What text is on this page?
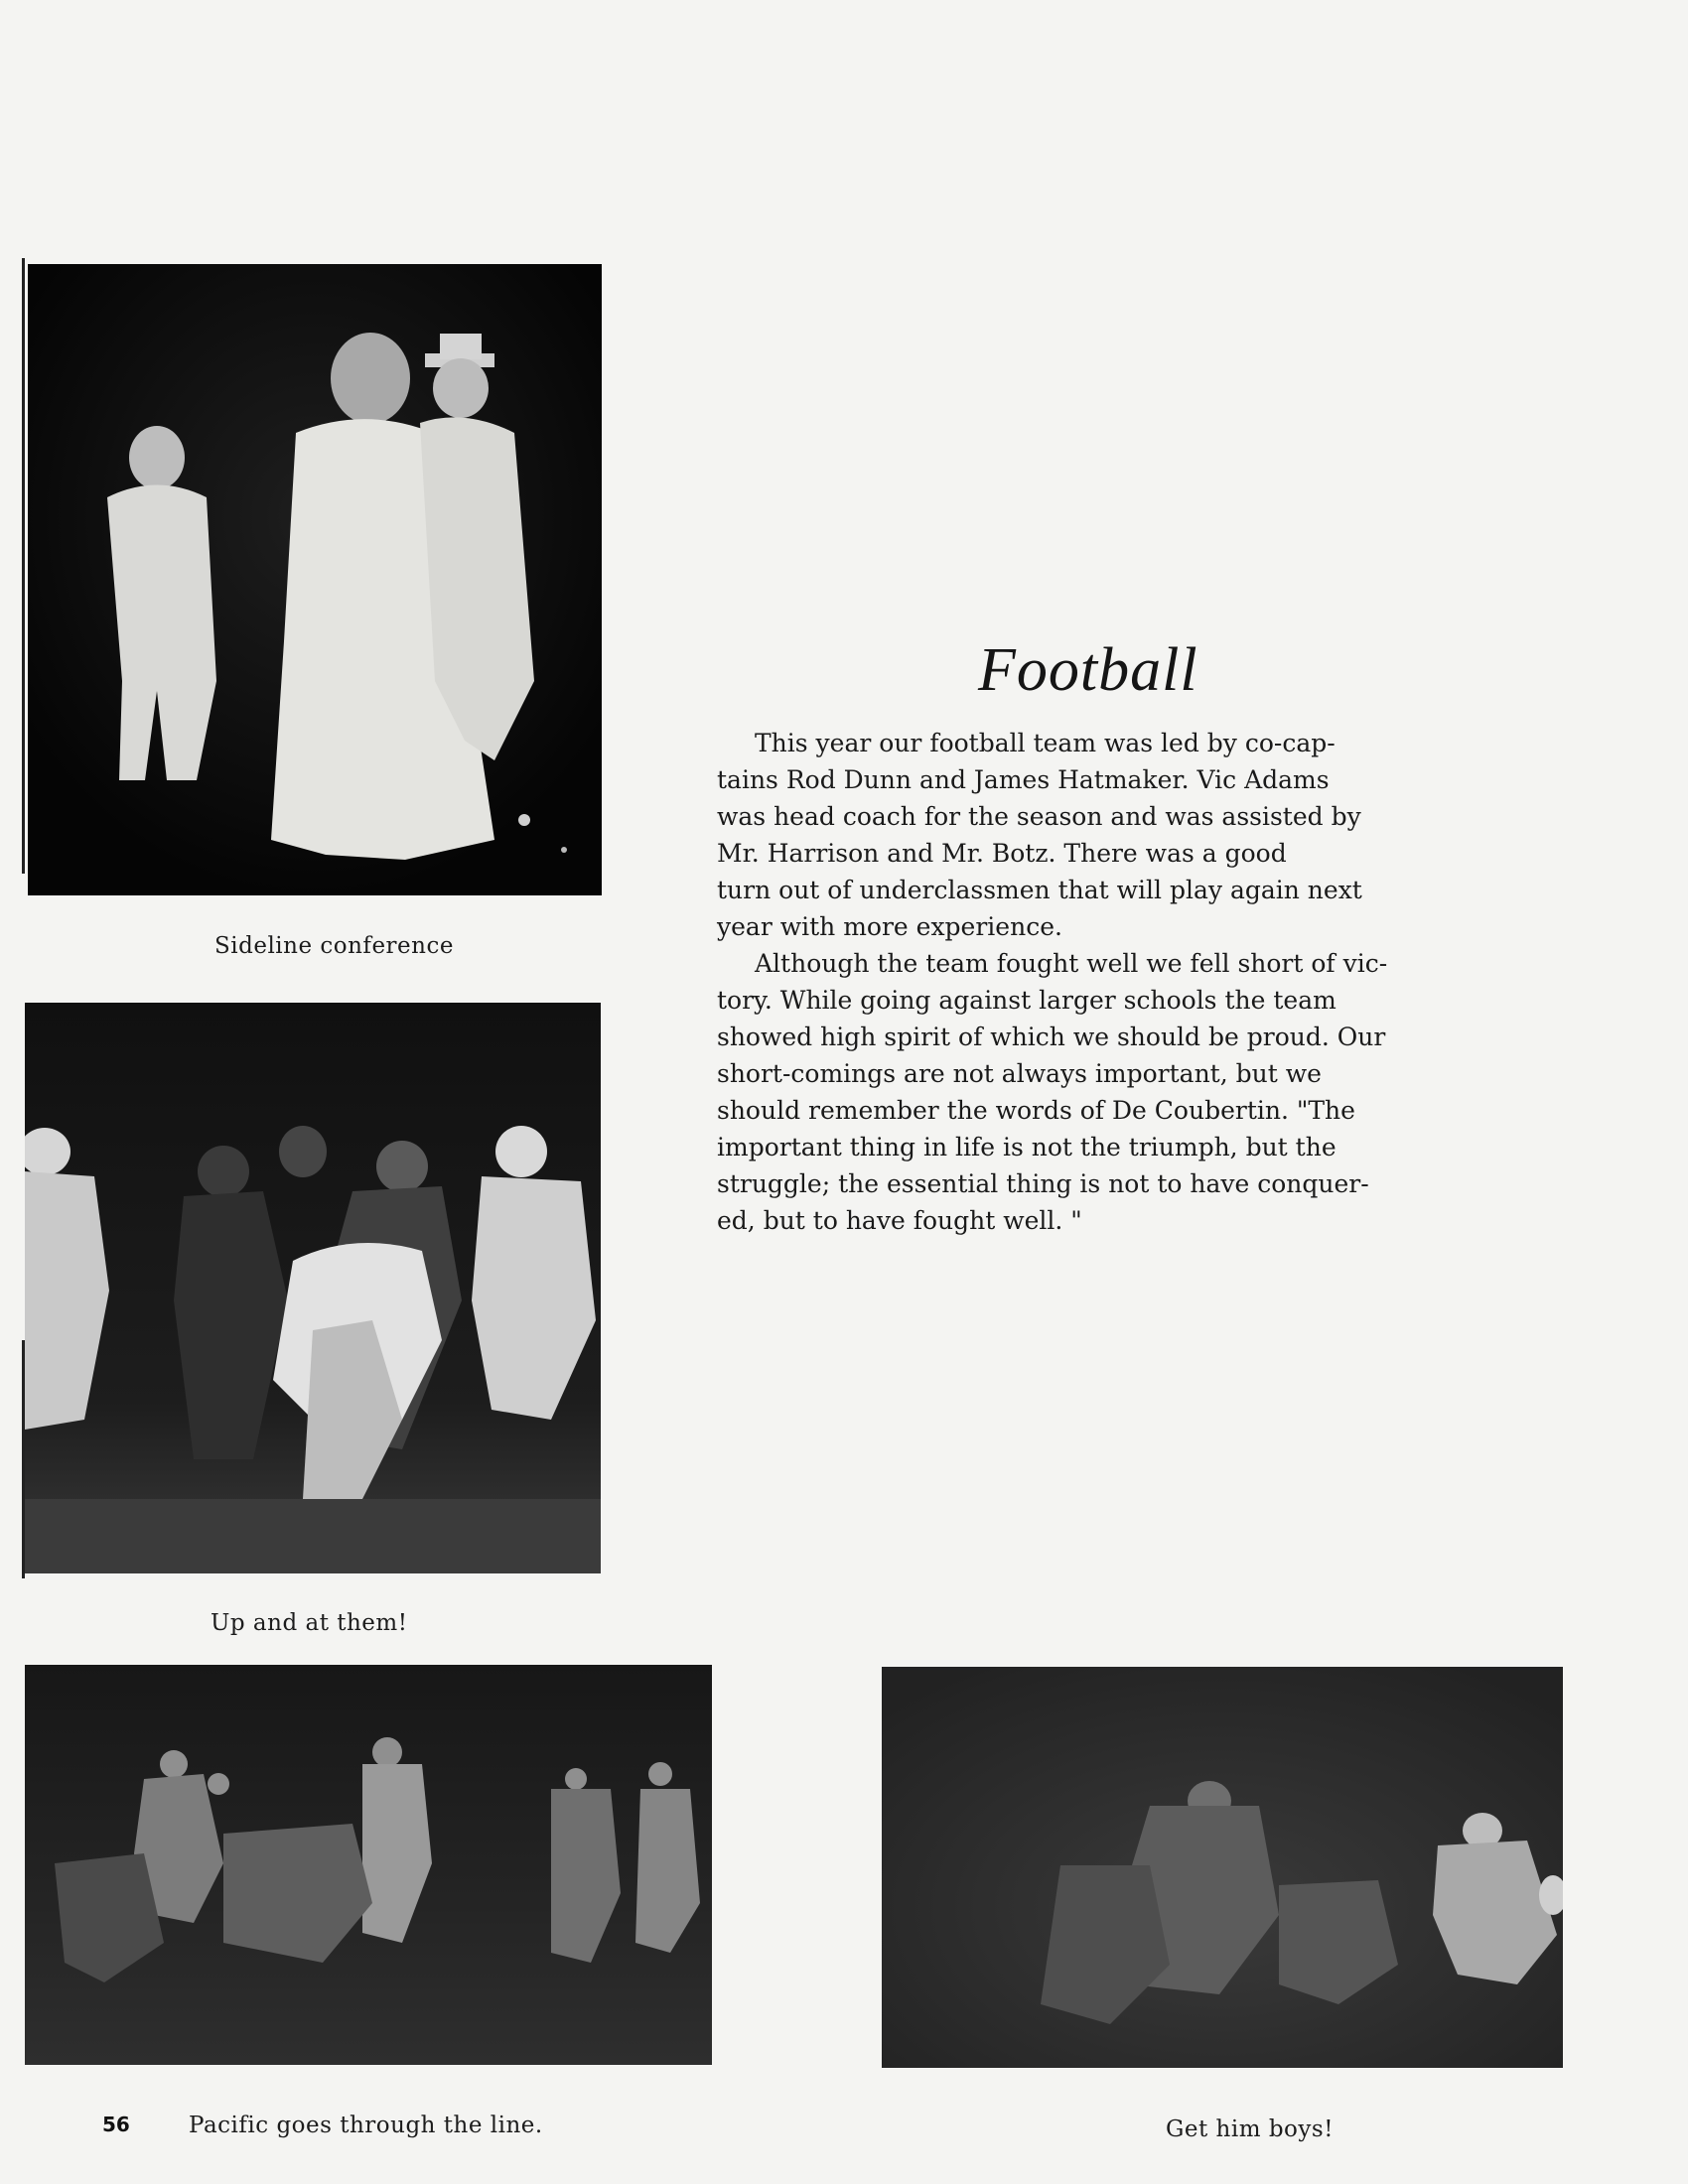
Sideline conference
Up and at them!
Pacific goes through the line.	Get him boys!
Football
This year our football team was led by co-cap-
tains Rod Dunn and James Hatmaker. Vic Adams
was head coach for the season and was assisted by
Mr. Harrison and Mr. Botz. There was a good
turn out of underclassmen that will play again next
year with more experience.
Although the team fought well we fell short of vic-
tory. While going against larger schools the team
showed high spirit of which we should be proud. Our
short-comings are not always important, but we
should remember the words of De Coubertin. "The
important thing in life is not the triumph, but the
struggle; the essential thing is not to have conquer-
ed, but to have fought well. "
56
